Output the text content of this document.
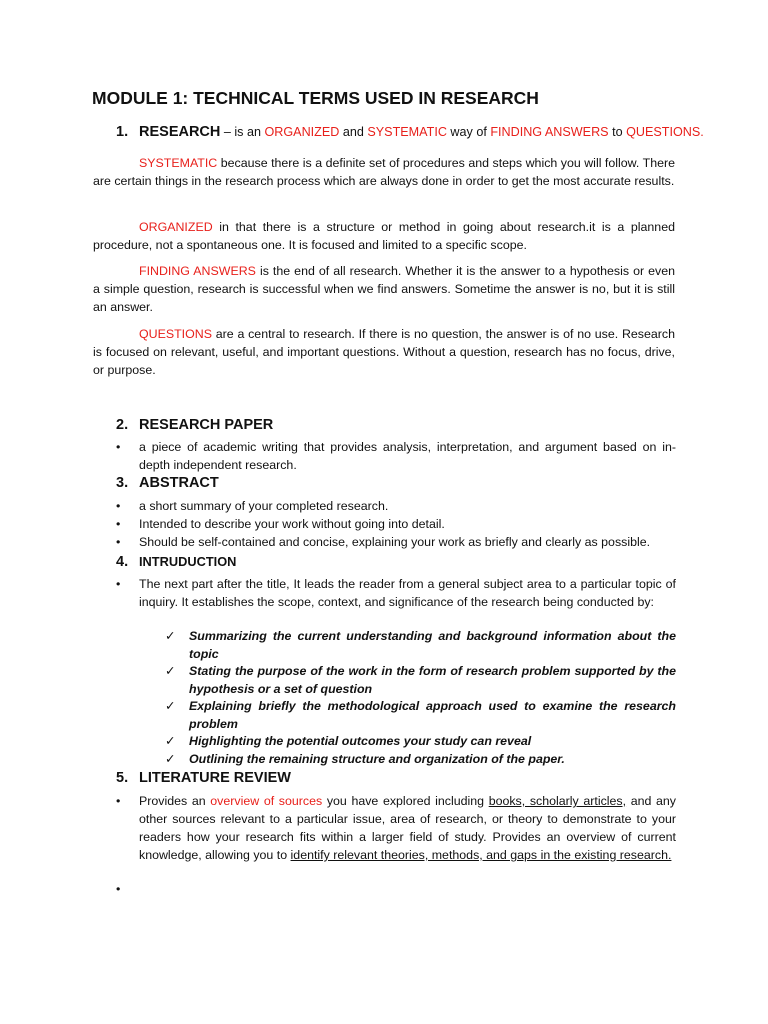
MODULE 1: TECHNICAL TERMS USED IN RESEARCH
1. RESEARCH – is an ORGANIZED and SYSTEMATIC way of FINDING ANSWERS to QUESTIONS.
SYSTEMATIC because there is a definite set of procedures and steps which you will follow. There are certain things in the research process which are always done in order to get the most accurate results.
ORGANIZED in that there is a structure or method in going about research.it is a planned procedure, not a spontaneous one. It is focused and limited to a specific scope.
FINDING ANSWERS is the end of all research. Whether it is the answer to a hypothesis or even a simple question, research is successful when we find answers. Sometime the answer is no, but it is still an answer.
QUESTIONS are a central to research. If there is no question, the answer is of no use. Research is focused on relevant, useful, and important questions. Without a question, research has no focus, drive, or purpose.
2. RESEARCH PAPER
• a piece of academic writing that provides analysis, interpretation, and argument based on in-depth independent research.
3. ABSTRACT
• a short summary of your completed research.
• Intended to describe your work without going into detail.
• Should be self-contained and concise, explaining your work as briefly and clearly as possible.
4. INTRUDUCTION
• The next part after the title, It leads the reader from a general subject area to a particular topic of inquiry. It establishes the scope, context, and significance of the research being conducted by:
✓ Summarizing the current understanding and background information about the topic
✓ Stating the purpose of the work in the form of research problem supported by the hypothesis or a set of question
✓ Explaining briefly the methodological approach used to examine the research problem
✓ Highlighting the potential outcomes your study can reveal
✓ Outlining the remaining structure and organization of the paper.
5. LITERATURE REVIEW
• Provides an overview of sources you have explored including books, scholarly articles, and any other sources relevant to a particular issue, area of research, or theory to demonstrate to your readers how your research fits within a larger field of study. Provides an overview of current knowledge, allowing you to identify relevant theories, methods, and gaps in the existing research.
•
